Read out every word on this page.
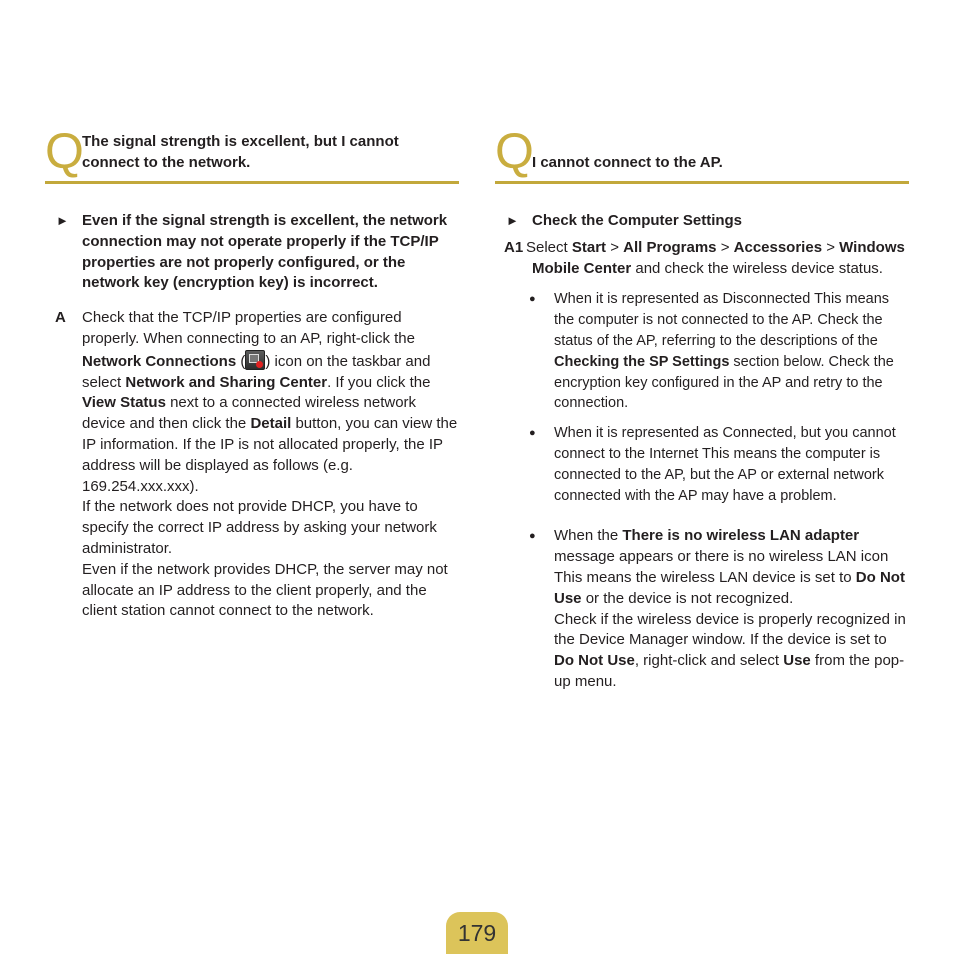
Q
The signal strength is excellent, but I cannot
connect to the network.
► Even if the signal strength is excellent, the network connection may not operate properly if the TCP/IP properties are not properly configured, or the network key (encryption key) is incorrect.
A Check that the TCP/IP properties are configured properly. When connecting to an AP, right-click the Network Connections ( ) icon on the taskbar and select Network and Sharing Center. If you click the View Status next to a connected wireless network device and then click the Detail button, you can view the IP information. If the IP is not allocated properly, the IP address will be displayed as follows (e.g. 169.254.xxx.xxx).
If the network does not provide DHCP, you have to specify the correct IP address by asking your network administrator.
Even if the network provides DHCP, the server may not allocate an IP address to the client properly, and the client station cannot connect to the network.
Q
I cannot connect to the AP.
► Check the Computer Settings
A1 Select Start > All Programs > Accessories > Windows Mobile Center and check the wireless device status.
● When it is represented as Disconnected This means the computer is not connected to the AP. Check the status of the AP, referring to the descriptions of the Checking the SP Settings section below. Check the encryption key configured in the AP and retry to the connection.
● When it is represented as Connected, but you cannot connect to the Internet This means the computer is connected to the AP, but the AP or external network connected with the AP may have a problem.
● When the There is no wireless LAN adapter message appears or there is no wireless LAN icon
This means the wireless LAN device is set to Do Not Use or the device is not recognized.
Check if the wireless device is properly recognized in the Device Manager window. If the device is set to Do Not Use, right-click and select Use from the pop-up menu.
179
